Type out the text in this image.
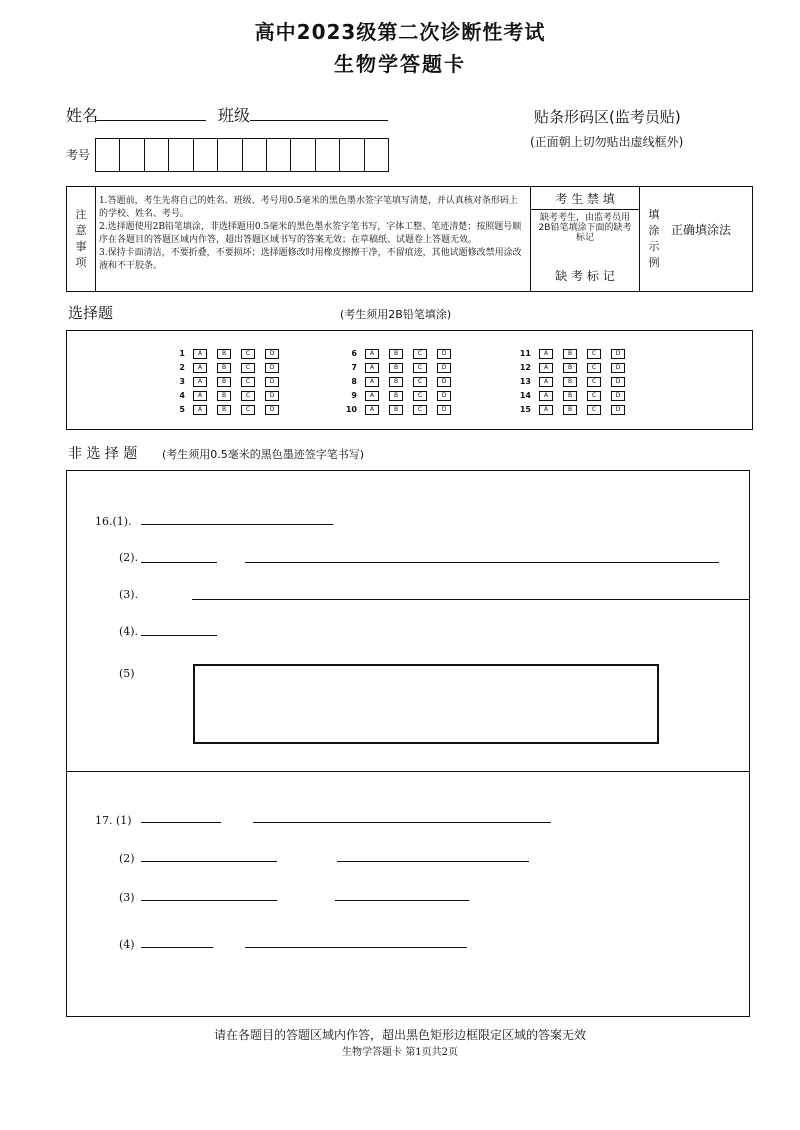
高中2023级第二次诊断性考试
生物学答题卡
姓名	班级
考号
贴条形码区(监考员贴)
(正面朝上切勿贴出虚线框外)
注意事项
1.答题前，考生先将自己的姓名、班级、考号用0.5毫米的黑色墨水签字笔填写清楚，并认真核对条形码上的学校、姓名、考号。
2.选择题使用2B铅笔填涂，非选择题用0.5毫米的黑色墨水签字笔书写，字体工整、笔迹清楚；按照题号顺序在各题目的答题区域内作答，超出答题区域书写的答案无效；在草稿纸、试题卷上答题无效。
3.保持卡面清洁，不要折叠，不要损坏；选择题修改时用橡皮擦擦干净，不留痕迹，其他试题修改禁用涂改液和不干胶条。
考 生 禁 填
缺考考生，由监考员用2B铅笔填涂下面的缺考标记
缺 考 标 记
填涂示例
正确填涂法
选择题	(考生须用2B铅笔填涂)
1	A	B	C	D
2	A	B	C	D
3	A	B	C	D
4	A	B	C	D
5	A	B	C	D
6	A	B	C	D
7	A	B	C	D
8	A	B	C	D
9	A	B	C	D
10	A	B	C	D
11	A	B	C	D
12	A	B	C	D
13	A	B	C	D
14	A	B	C	D
15	A	B	C	D
非 选 择 题 (考生须用0.5毫米的黑色墨迹签字笔书写)
16.(1).
(2).
(3).
(4).
(5)
17. (1)
(2)
(3)
(4)
请在各题目的答题区域内作答，超出黑色矩形边框限定区域的答案无效
生物学答题卡 第1页共2页
